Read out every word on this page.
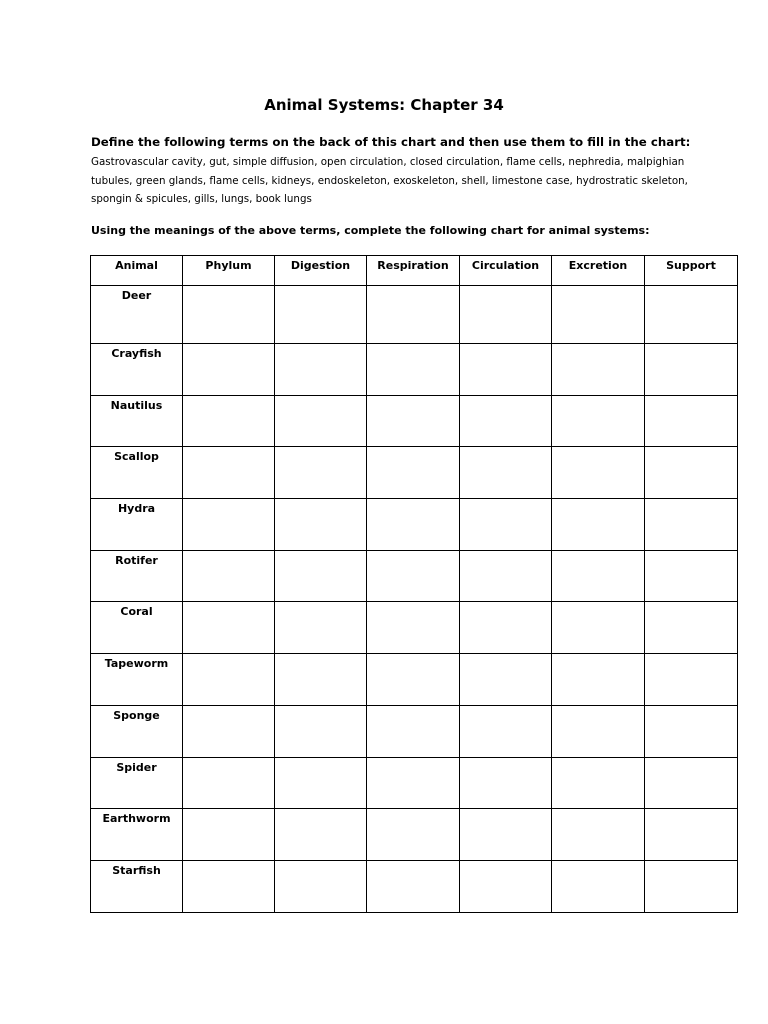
Animal Systems: Chapter 34

Define the following terms on the back of this chart and then use them to fill in the chart:

Gastrovascular cavity, gut, simple diffusion, open circulation, closed circulation, flame cells, nephredia, malpighian
tubules, green glands, flame cells, kidneys, endoskeleton, exoskeleton, shell, limestone case, hydrostratic skeleton,
spongin & spicules, gills, lungs, book lungs

Using the meanings of the above terms, complete the following chart for animal systems:

Animal	Phylum	Digestion	Respiration	Circulation	Excretion	Support
Deer						
Crayfish						
Nautilus						
Scallop						
Hydra						
Rotifer						
Coral						
Tapeworm						
Sponge						
Spider						
Earthworm						
Starfish						
